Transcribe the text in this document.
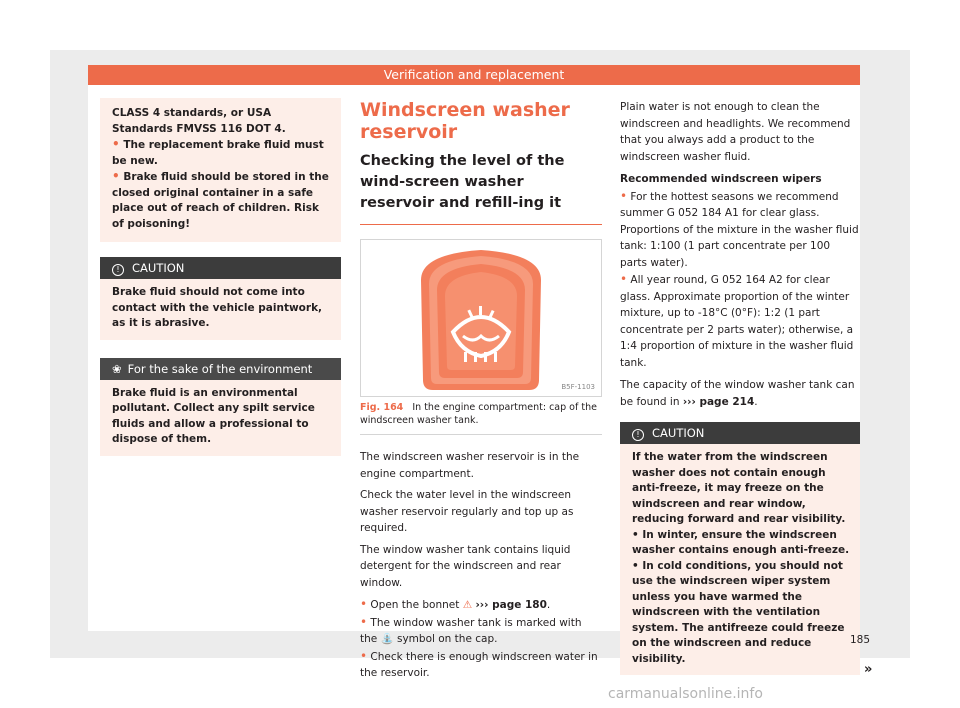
Verification and replacement

CLASS 4 standards, or USA Standards FMVSS 116 DOT 4.

• The replacement brake fluid must be new.

• Brake fluid should be stored in the closed original container in a safe place out of reach of children. Risk of poisoning!

! CAUTION
Brake fluid should not come into contact with the vehicle paintwork, as it is abrasive.
❀ For the sake of the environment
Brake fluid is an environmental pollutant. Collect any spilt service fluids and allow a professional to dispose of them.
Windscreen washer reservoir
Checking the level of the wind-screen washer reservoir and refill-ing it
B5F-1103
Fig. 164 In the engine compartment: cap of the windscreen washer tank.

The windscreen washer reservoir is in the engine compartment.

Check the water level in the windscreen washer reservoir regularly and top up as required.

The window washer tank contains liquid detergent for the windscreen and rear window.

• Open the bonnet ⚠ ››› page 180.

• The window washer tank is marked with the ⛲ symbol on the cap.

• Check there is enough windscreen water in the reservoir.

Plain water is not enough to clean the windscreen and headlights. We recommend that you always add a product to the windscreen washer fluid.

Recommended windscreen wipers

• For the hottest seasons we recommend summer G 052 184 A1 for clear glass. Proportions of the mixture in the washer fluid tank: 1:100 (1 part concentrate per 100 parts water).

• All year round, G 052 164 A2 for clear glass. Approximate proportion of the winter mixture, up to -18°C (0°F): 1:2 (1 part concentrate per 2 parts water); otherwise, a 1:4 proportion of mixture in the washer fluid tank.

The capacity of the window washer tank can be found in ››› page 214.

! CAUTION

If the water from the windscreen washer does not contain enough anti-freeze, it may freeze on the windscreen and rear window, reducing forward and rear visibility.

• In winter, ensure the windscreen washer contains enough anti-freeze.

• In cold conditions, you should not use the windscreen wiper system unless you have warmed the windscreen with the ventilation system. The antifreeze could freeze on the windscreen and reduce visibility.

»
185
carmanualsonline.info
